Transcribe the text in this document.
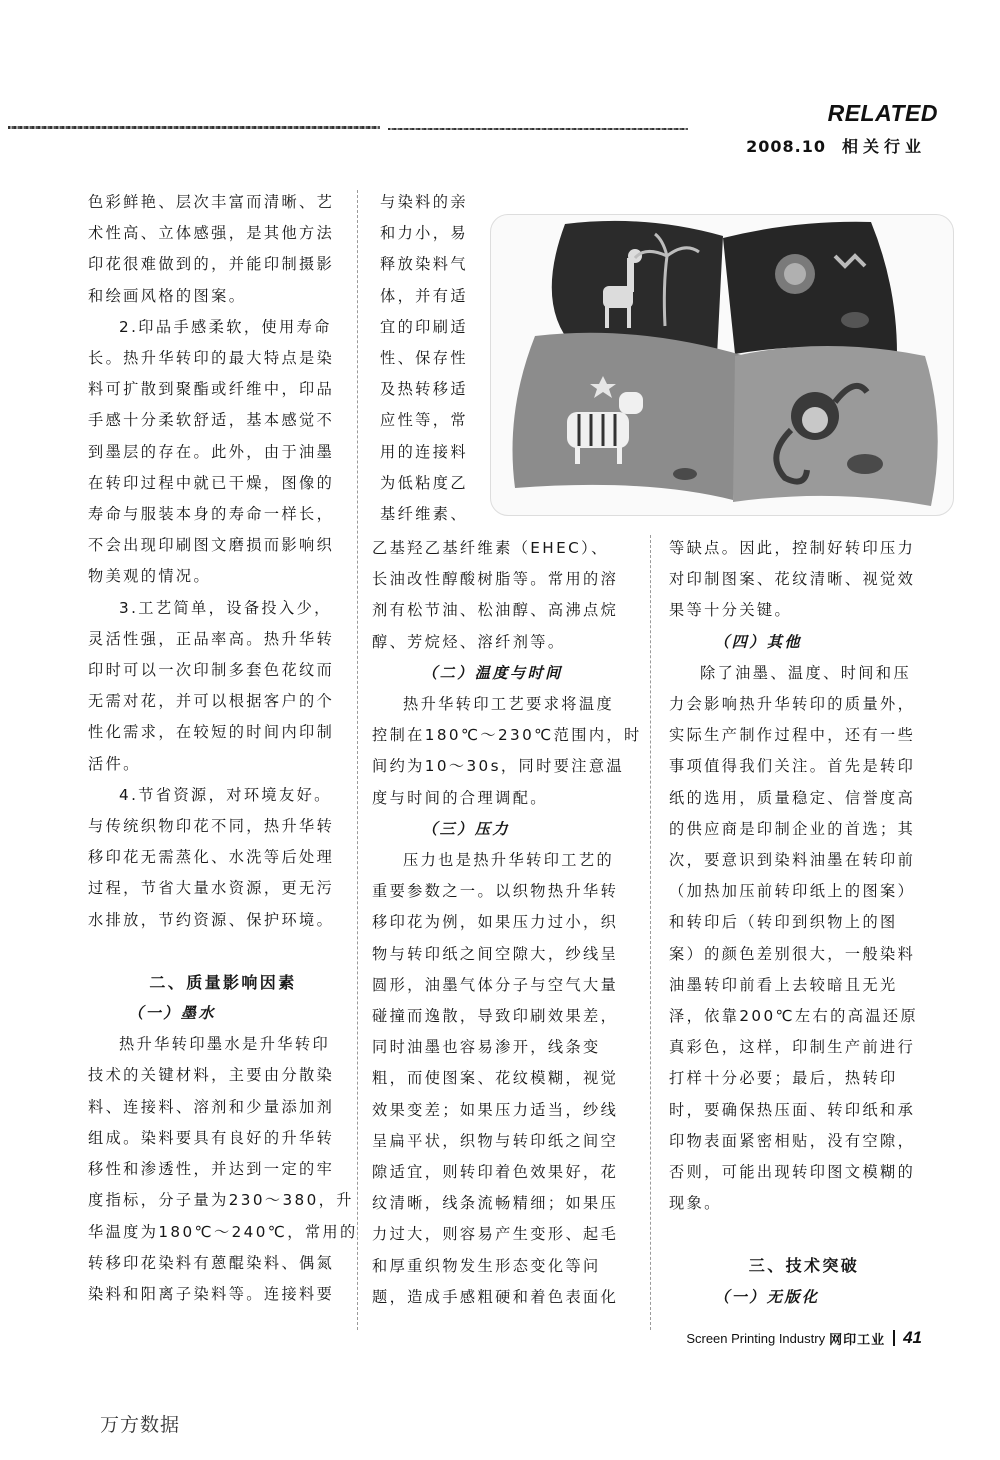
RELATED
2008.10 相关行业

色彩鲜艳、层次丰富而清晰、艺

术性高、立体感强，是其他方法

印花很难做到的，并能印制摄影

和绘画风格的图案。

2.印品手感柔软，使用寿命

长。热升华转印的最大特点是染

料可扩散到聚酯或纤维中，印品

手感十分柔软舒适，基本感觉不

到墨层的存在。此外，由于油墨

在转印过程中就已干燥，图像的

寿命与服装本身的寿命一样长，

不会出现印刷图文磨损而影响织

物美观的情况。

3.工艺简单，设备投入少，

灵活性强，正品率高。热升华转

印时可以一次印制多套色花纹而

无需对花，并可以根据客户的个

性化需求，在较短的时间内印制

活件。

4.节省资源，对环境友好。

与传统织物印花不同，热升华转

移印花无需蒸化、水洗等后处理

过程，节省大量水资源，更无污

水排放，节约资源、保护环境。

二、质量影响因素

（一）墨水

热升华转印墨水是升华转印

技术的关键材料，主要由分散染

料、连接料、溶剂和少量添加剂

组成。染料要具有良好的升华转

移性和渗透性，并达到一定的牢

度指标，分子量为230～380，升

华温度为180℃～240℃，常用的

转移印花染料有蒽醌染料、偶氮

染料和阳离子染料等。连接料要

与染料的亲

和力小，易

释放染料气

体，并有适

宜的印刷适

性、保存性

及热转移适

应性等，常

用的连接料

为低粘度乙

基纤维素、

乙基羟乙基纤维素（EHEC）、

长油改性醇酸树脂等。常用的溶

剂有松节油、松油醇、高沸点烷

醇、芳烷烃、溶纤剂等。

（二）温度与时间

热升华转印工艺要求将温度

控制在180℃～230℃范围内，时

间约为10～30s，同时要注意温

度与时间的合理调配。

（三）压力

压力也是热升华转印工艺的

重要参数之一。以织物热升华转

移印花为例，如果压力过小，织

物与转印纸之间空隙大，纱线呈

圆形，油墨气体分子与空气大量

碰撞而逸散，导致印刷效果差，

同时油墨也容易渗开，线条变

粗，而使图案、花纹模糊，视觉

效果变差；如果压力适当，纱线

呈扁平状，织物与转印纸之间空

隙适宜，则转印着色效果好，花

纹清晰，线条流畅精细；如果压

力过大，则容易产生变形、起毛

和厚重织物发生形态变化等问

题，造成手感粗硬和着色表面化

等缺点。因此，控制好转印压力

对印制图案、花纹清晰、视觉效

果等十分关键。

（四）其他

除了油墨、温度、时间和压

力会影响热升华转印的质量外，

实际生产制作过程中，还有一些

事项值得我们关注。首先是转印

纸的选用，质量稳定、信誉度高

的供应商是印制企业的首选；其

次，要意识到染料油墨在转印前

（加热加压前转印纸上的图案）

和转印后（转印到织物上的图

案）的颜色差别很大，一般染料

油墨转印前看上去较暗且无光

泽，依靠200℃左右的高温还原

真彩色，这样，印制生产前进行

打样十分必要；最后，热转印

时，要确保热压面、转印纸和承

印物表面紧密相贴，没有空隙，

否则，可能出现转印图文模糊的

现象。

三、技术突破

（一）无版化

Screen Printing Industry 网印工业 41
万方数据
